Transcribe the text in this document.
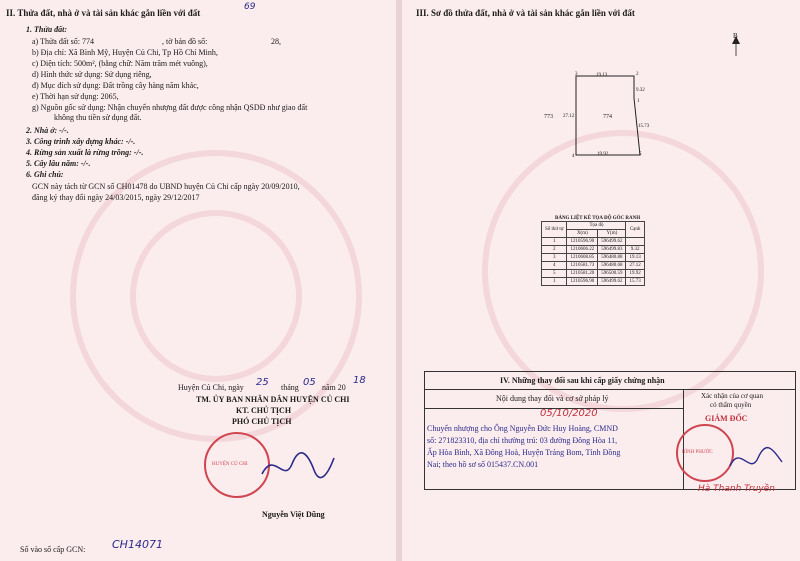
II. Thửa đất, nhà ở và tài sản khác gắn liền với đất
69
1. Thửa đất:
a) Thửa đất số: 774	, tờ bản đồ số:	28,
b) Địa chỉ: Xã Bình Mỹ, Huyện Củ Chi, Tp Hồ Chí Minh,
c) Diện tích: 500m², (bằng chữ: Năm trăm mét vuông),
d) Hình thức sử dụng: Sử dụng riêng,
đ) Mục đích sử dụng: Đất trồng cây hàng năm khác,
e) Thời hạn sử dụng: 2065,
g) Nguồn gốc sử dụng: Nhận chuyển nhượng đất được công nhận QSDĐ như giao đất
không thu tiền sử dụng đất.
2. Nhà ở: -/-.
3. Công trình xây dựng khác: -/-.
4. Rừng sản xuất là rừng trồng: -/-.
5. Cây lâu năm: -/-.
6. Ghi chú:
GCN này tách từ GCN số CH01478 do UBND huyện Củ Chi cấp ngày 20/09/2010,
đăng ký thay đổi ngày 24/03/2015, ngày 29/12/2017
Huyện Củ Chi, ngày 25 tháng 05 năm 20
18
TM. ỦY BAN NHÂN DÂN HUYỆN CỦ CHI
KT. CHỦ TỊCH
PHÓ CHỦ TỊCH
HUYỆN CỦ CHI
Nguyễn Việt Dũng
Số vào sổ cấp GCN: CH14071
III. Sơ đồ thửa đất, nhà ở và tài sản khác gắn liền với đất
B
3	2
4	5
1
19.13
9.32
15.73
27.12
19.92
774
773
BẢNG LIỆT KÊ TỌA ĐỘ GÓC RANH
Số thứ tự	Tọa độ		Cạnh
	X(m)	Y(m)	
1	1210596.90	596499.62	
2	1210606.22	596499.83	9.32
3	1210608.85	596480.88	19.13
4	1210581.73	596480.68	27.12
5	1210581.20	596500.59	19.92
1	1210596.90	596499.62	15.73
IV. Những thay đổi sau khi cấp giấy chứng nhận
Nội dung thay đổi và cơ sở pháp lý	Xác nhận của cơ quan
có thẩm quyền
05/10/2020
Chuyển nhượng cho Ông Nguyễn Đức Huy Hoàng, CMND
số: 271823310, địa chỉ thường trú: 03 đường Đông Hòa 11,
Ấp Hòa Bình, Xã Đông Hoà, Huyện Trảng Bom, Tỉnh Đồng
Nai; theo hồ sơ số 015437.CN.001
GIÁM ĐỐC
BÌNH PHƯỚC
Hà Thanh Truyền
